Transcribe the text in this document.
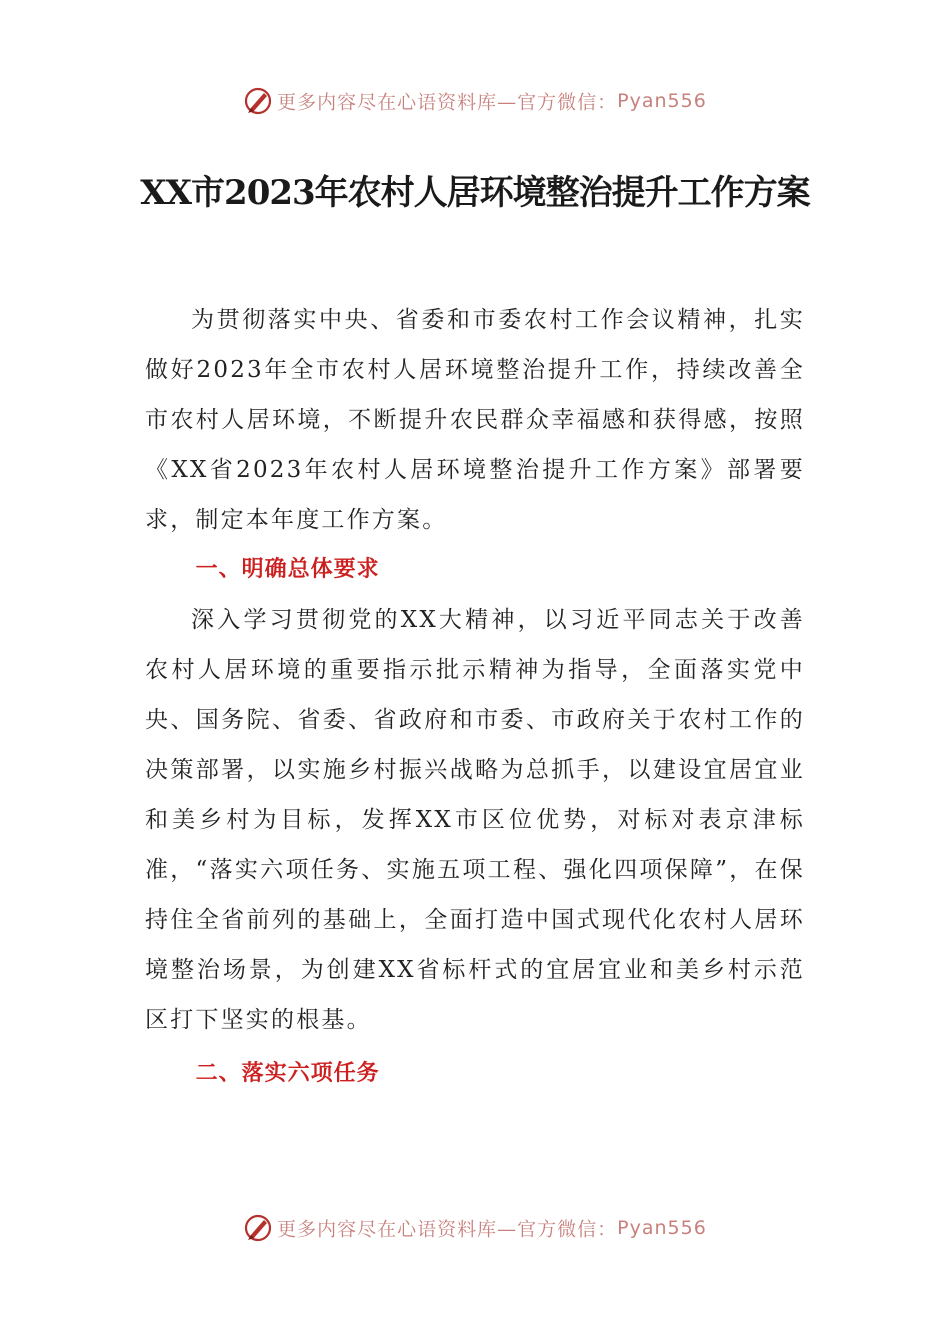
更多内容尽在心语资料库—官方微信：Pyan556
XX市2023年农村人居环境整治提升工作方案

为贯彻落实中央、省委和市委农村工作会议精神，扎实做好2023年全市农村人居环境整治提升工作，持续改善全市农村人居环境，不断提升农民群众幸福感和获得感，按照《XX省2023年农村人居环境整治提升工作方案》部署要求，制定本年度工作方案。

一、明确总体要求

深入学习贯彻党的XX大精神，以习近平同志关于改善农村人居环境的重要指示批示精神为指导，全面落实党中央、国务院、省委、省政府和市委、市政府关于农村工作的决策部署，以实施乡村振兴战略为总抓手，以建设宜居宜业和美乡村为目标，发挥XX市区位优势，对标对表京津标准，“落实六项任务、实施五项工程、强化四项保障”，在保持住全省前列的基础上，全面打造中国式现代化农村人居环境整治场景，为创建XX省标杆式的宜居宜业和美乡村示范区打下坚实的根基。

二、落实六项任务
更多内容尽在心语资料库—官方微信：Pyan556
